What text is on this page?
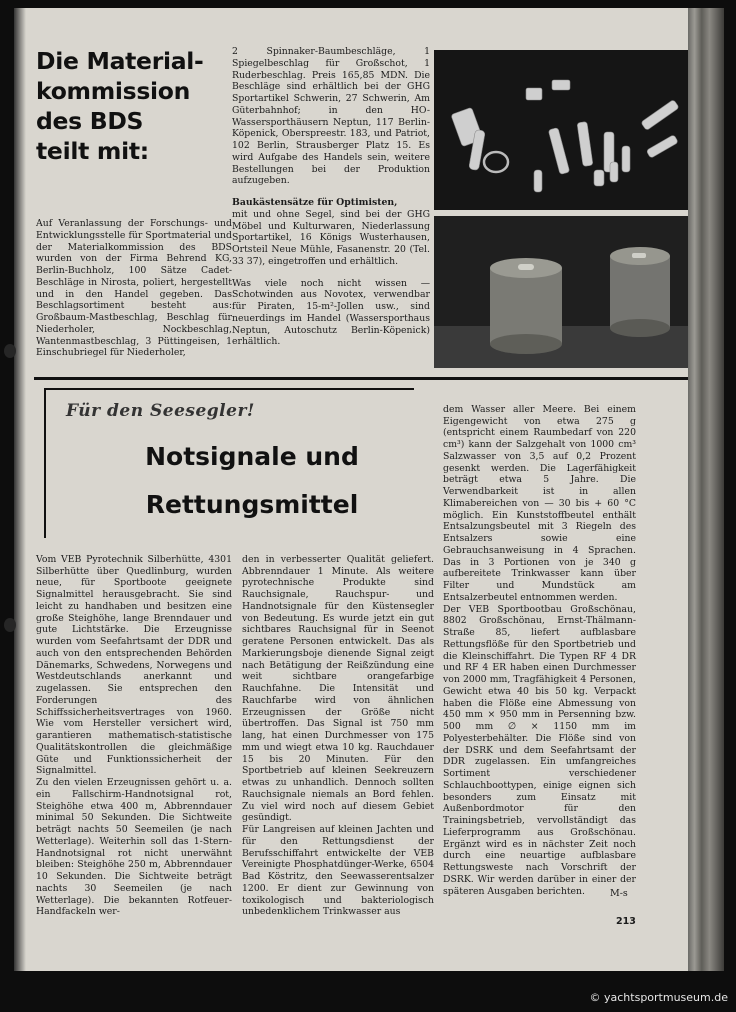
Die Material-
kommission
des BDS
teilt mit:

Auf Veranlassung der Forschungs- und Entwicklungsstelle für Sportmaterial und der Materialkommission des BDS wurden von der Firma Behrend KG, Berlin-Buchholz, 100 Sätze Cadet-Beschläge in Nirosta, poliert, hergestellt und in den Handel gegeben. Das Beschlagsortiment besteht aus: Großbaum-Mastbeschlag, Beschlag für Niederholer, Nockbeschlag, Wantenmastbeschlag, 3 Püttingeisen, 1 Einschubriegel für Niederholer,

2 Spinnaker-Baumbeschläge, 1 Spiegelbeschlag für Großschot, 1 Ruderbeschlag. Preis 165,85 MDN. Die Beschläge sind erhältlich bei der GHG Sportartikel Schwerin, 27 Schwerin, Am Güterbahnhof; in den HO-Wassersporthäusern Neptun, 117 Berlin-Köpenick, Oberspreestr. 183, und Patriot, 102 Berlin, Strausberger Platz 15. Es wird Aufgabe des Handels sein, weitere Bestellungen bei der Produktion aufzugeben.

Baukästensätze für Optimisten,

mit und ohne Segel, sind bei der GHG Möbel und Kulturwaren, Niederlassung Sportartikel, 16 Königs Wusterhausen, Ortsteil Neue Mühle, Fasanenstr. 20 (Tel. 33 37), eingetroffen und erhältlich.

Was viele noch nicht wissen — Schotwinden aus Novotex, verwendbar für Piraten, 15-m²-Jollen usw., sind neuerdings im Handel (Wassersporthaus Neptun, Autoschutz Berlin-Köpenick) erhältlich.

Für den Seesegler!
Notsignale und
Rettungsmittel

Vom VEB Pyrotechnik Silberhütte, 4301 Silberhütte über Quedlinburg, wurden neue, für Sportboote geeignete Signalmittel herausgebracht. Sie sind leicht zu handhaben und besitzen eine große Steighöhe, lange Brenndauer und gute Lichtstärke. Die Erzeugnisse wurden vom Seefahrtsamt der DDR und auch von den entsprechenden Behörden Dänemarks, Schwedens, Norwegens und Westdeutschlands anerkannt und zugelassen. Sie entsprechen den Forderungen des Schiffssicherheitsvertrages von 1960. Wie vom Hersteller versichert wird, garantieren mathematisch-statistische Qualitätskontrollen die gleichmäßige Güte und Funktionssicherheit der Signalmittel.
Zu den vielen Erzeugnissen gehört u. a. ein Fallschirm-Handnotsignal rot, Steighöhe etwa 400 m, Abbrenndauer minimal 50 Sekunden. Die Sichtweite beträgt nachts 50 Seemeilen (je nach Wetterlage). Weiterhin soll das 1-Stern-Handnotsignal rot nicht unerwähnt bleiben: Steighöhe 250 m, Abbrenndauer 10 Sekunden. Die Sichtweite beträgt nachts 30 Seemeilen (je nach Wetterlage). Die bekannten Rotfeuer-Handfackeln wer-

den in verbesserter Qualität geliefert. Abbrenndauer 1 Minute. Als weitere pyrotechnische Produkte sind Rauchsignale, Rauchspur- und Handnotsignale für den Küstensegler von Bedeutung. Es wurde jetzt ein gut sichtbares Rauchsignal für in Seenot geratene Personen entwickelt. Das als Markierungsboje dienende Signal zeigt nach Betätigung der Reißzündung eine weit sichtbare orangefarbige Rauchfahne. Die Intensität und Rauchfarbe wird von ähnlichen Erzeugnissen der Größe nicht übertroffen. Das Signal ist 750 mm lang, hat einen Durchmesser von 175 mm und wiegt etwa 10 kg. Rauchdauer 15 bis 20 Minuten. Für den Sportbetrieb auf kleinen Seekreuzern etwas zu unhandlich. Dennoch sollten Rauchsignale niemals an Bord fehlen. Zu viel wird noch auf diesem Gebiet gesündigt.
Für Langreisen auf kleinen Jachten und für den Rettungsdienst der Berufsschiffahrt entwickelte der VEB Vereinigte Phosphatdünger-Werke, 6504 Bad Köstritz, den Seewasserentsalzer 1200. Er dient zur Gewinnung von toxikologisch und bakteriologisch unbedenklichem Trinkwasser aus

dem Wasser aller Meere. Bei einem Eigengewicht von etwa 275 g (entspricht einem Raumbedarf von 220 cm³) kann der Salzgehalt von 1000 cm³ Salzwasser von 3,5 auf 0,2 Prozent gesenkt werden. Die Lagerfähigkeit beträgt etwa 5 Jahre. Die Verwendbarkeit ist in allen Klimabereichen von — 30 bis + 60 °C möglich. Ein Kunststoffbeutel enthält Entsalzungsbeutel mit 3 Riegeln des Entsalzers sowie eine Gebrauchsanweisung in 4 Sprachen. Das in 3 Portionen von je 340 g aufbereitete Trinkwasser kann über Filter und Mundstück am Entsalzerbeutel entnommen werden.
Der VEB Sportbootbau Großschönau, 8802 Großschönau, Ernst-Thälmann-Straße 85, liefert aufblasbare Rettungsflöße für den Sportbetrieb und die Kleinschiffahrt. Die Typen RF 4 DR und RF 4 ER haben einen Durchmesser von 2000 mm, Tragfähigkeit 4 Personen, Gewicht etwa 40 bis 50 kg. Verpackt haben die Flöße eine Abmessung von 450 mm × 950 mm in Persenning bzw. 500 mm ∅ × 1150 mm im Polyesterbehälter. Die Flöße sind von der DSRK und dem Seefahrtsamt der DDR zugelassen. Ein umfangreiches Sortiment verschiedener Schlauchboottypen, einige eignen sich besonders zum Einsatz mit Außenbordmotor für den Trainingsbetrieb, vervollständigt das Lieferprogramm aus Großschönau. Ergänzt wird es in nächster Zeit noch durch eine neuartige aufblasbare Rettungsweste nach Vorschrift der DSRK. Wir werden darüber in einer der späteren Ausgaben berichten.	M-s
213
© yachtsportmuseum.de
